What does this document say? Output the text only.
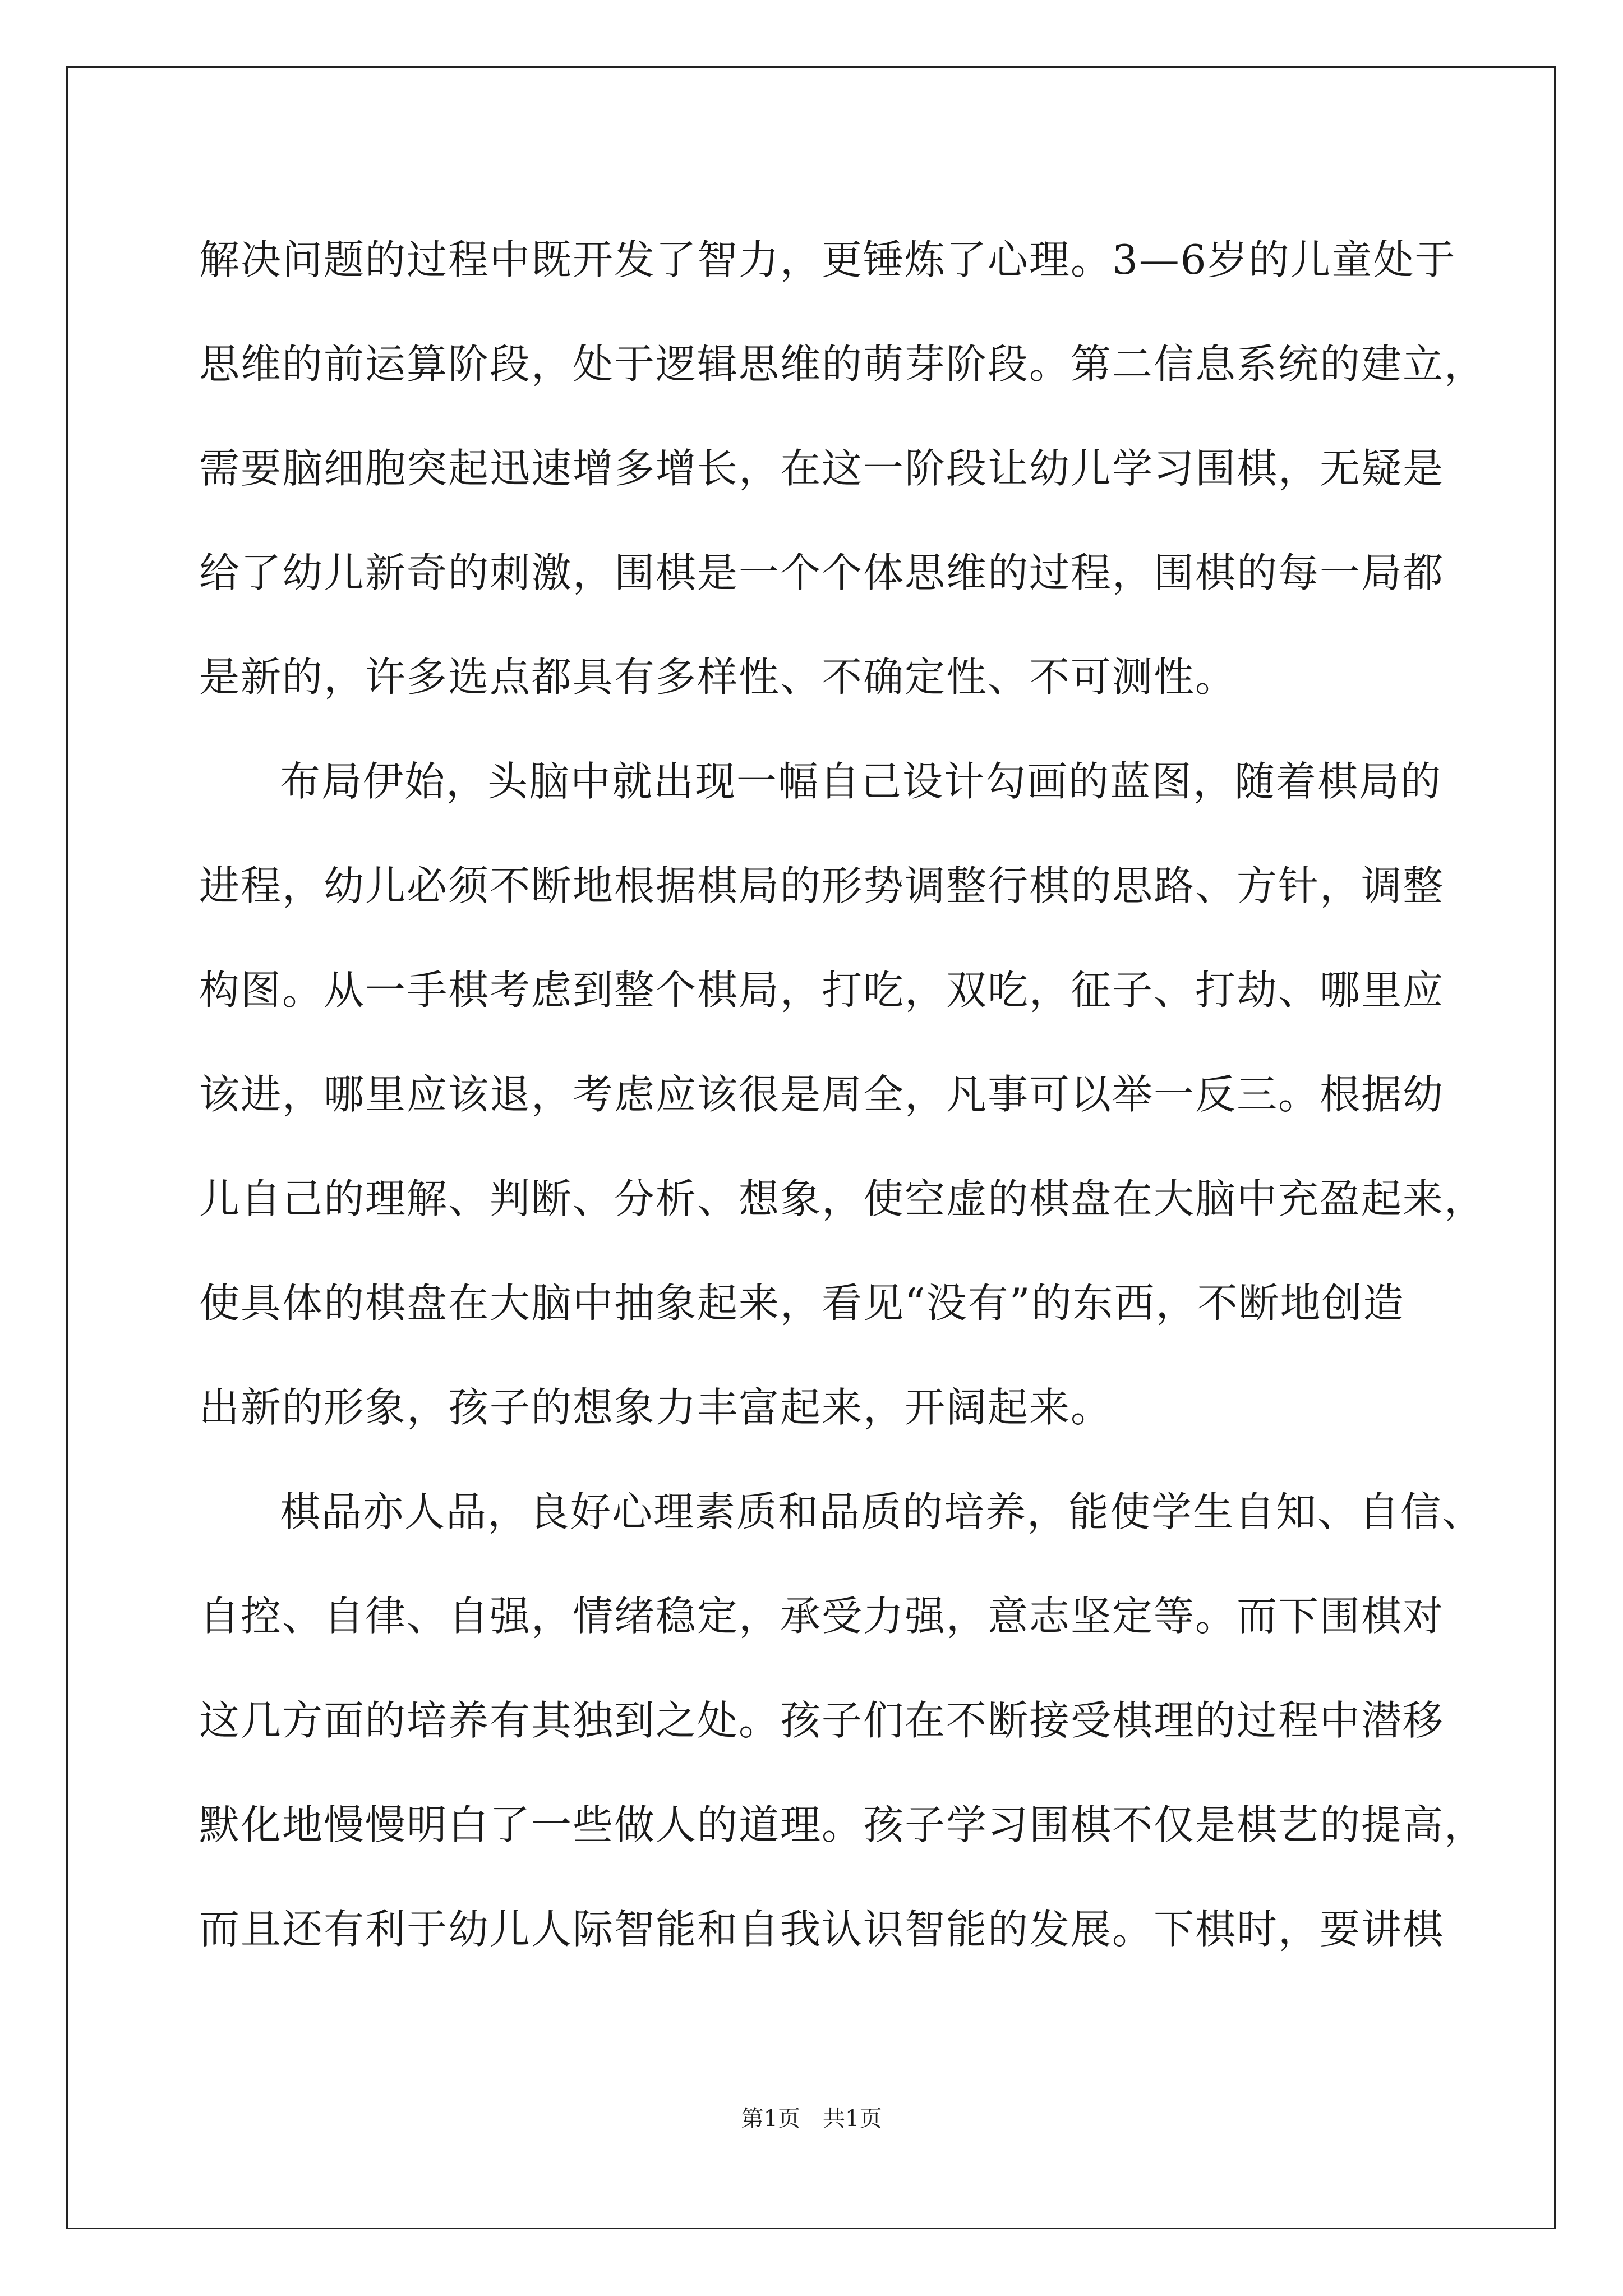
解决问题的过程中既开发了智力，更锤炼了心理。3—6岁的儿童处于
思维的前运算阶段，处于逻辑思维的萌芽阶段。第二信息系统的建立，
需要脑细胞突起迅速增多增长，在这一阶段让幼儿学习围棋，无疑是
给了幼儿新奇的刺激，围棋是一个个体思维的过程，围棋的每一局都
是新的，许多选点都具有多样性、不确定性、不可测性。
布局伊始，头脑中就出现一幅自己设计勾画的蓝图，随着棋局的
进程，幼儿必须不断地根据棋局的形势调整行棋的思路、方针，调整
构图。从一手棋考虑到整个棋局，打吃，双吃，征子、打劫、哪里应
该进，哪里应该退，考虑应该很是周全，凡事可以举一反三。根据幼
儿自己的理解、判断、分析、想象，使空虚的棋盘在大脑中充盈起来，
使具体的棋盘在大脑中抽象起来，看见“没有”的东西，不断地创造
出新的形象，孩子的想象力丰富起来，开阔起来。
棋品亦人品，良好心理素质和品质的培养，能使学生自知、自信、
自控、自律、自强，情绪稳定，承受力强，意志坚定等。而下围棋对
这几方面的培养有其独到之处。孩子们在不断接受棋理的过程中潜移
默化地慢慢明白了一些做人的道理。孩子学习围棋不仅是棋艺的提高，
而且还有利于幼儿人际智能和自我认识智能的发展。下棋时，要讲棋
第1页　共1页
